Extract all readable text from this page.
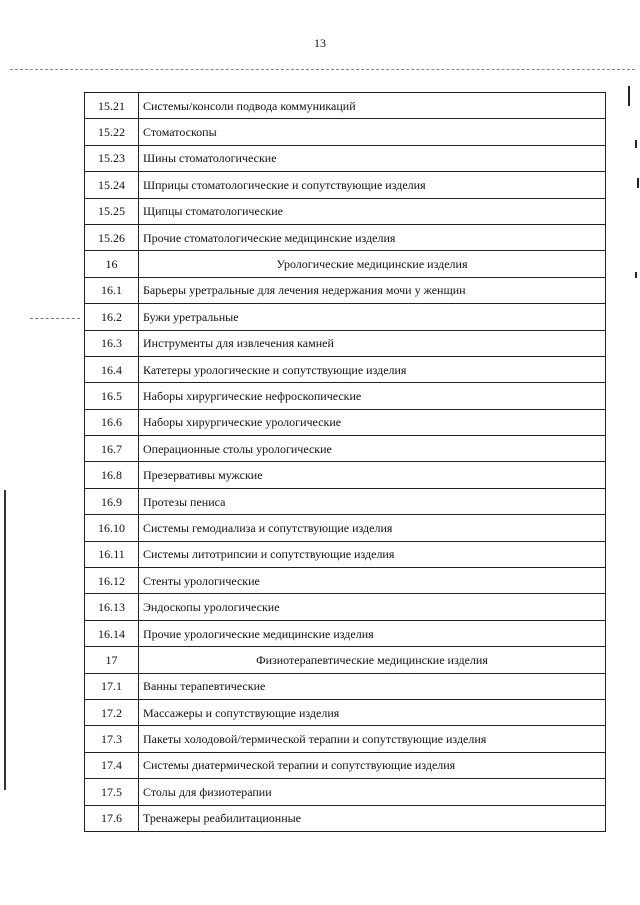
13
15.21	Системы/консоли подвода коммуникаций
15.22	Стоматоскопы
15.23	Шины стоматологические
15.24	Шприцы стоматологические и сопутствующие изделия
15.25	Щипцы стоматологические
15.26	Прочие стоматологические медицинские изделия
16	Урологические медицинские изделия
16.1	Барьеры уретральные для лечения недержания мочи у женщин
16.2	Бужи уретральные
16.3	Инструменты для извлечения камней
16.4	Катетеры урологические и сопутствующие изделия
16.5	Наборы хирургические нефроскопические
16.6	Наборы хирургические урологические
16.7	Операционные столы урологические
16.8	Презервативы мужские
16.9	Протезы пениса
16.10	Системы гемодиализа и сопутствующие изделия
16.11	Системы литотрипсии и сопутствующие изделия
16.12	Стенты урологические
16.13	Эндоскопы урологические
16.14	Прочие урологические медицинские изделия
17	Физиотерапевтические медицинские изделия
17.1	Ванны терапевтические
17.2	Массажеры и сопутствующие изделия
17.3	Пакеты холодовой/термической терапии и сопутствующие изделия
17.4	Системы диатермической терапии и сопутствующие изделия
17.5	Столы для физиотерапии
17.6	Тренажеры реабилитационные
